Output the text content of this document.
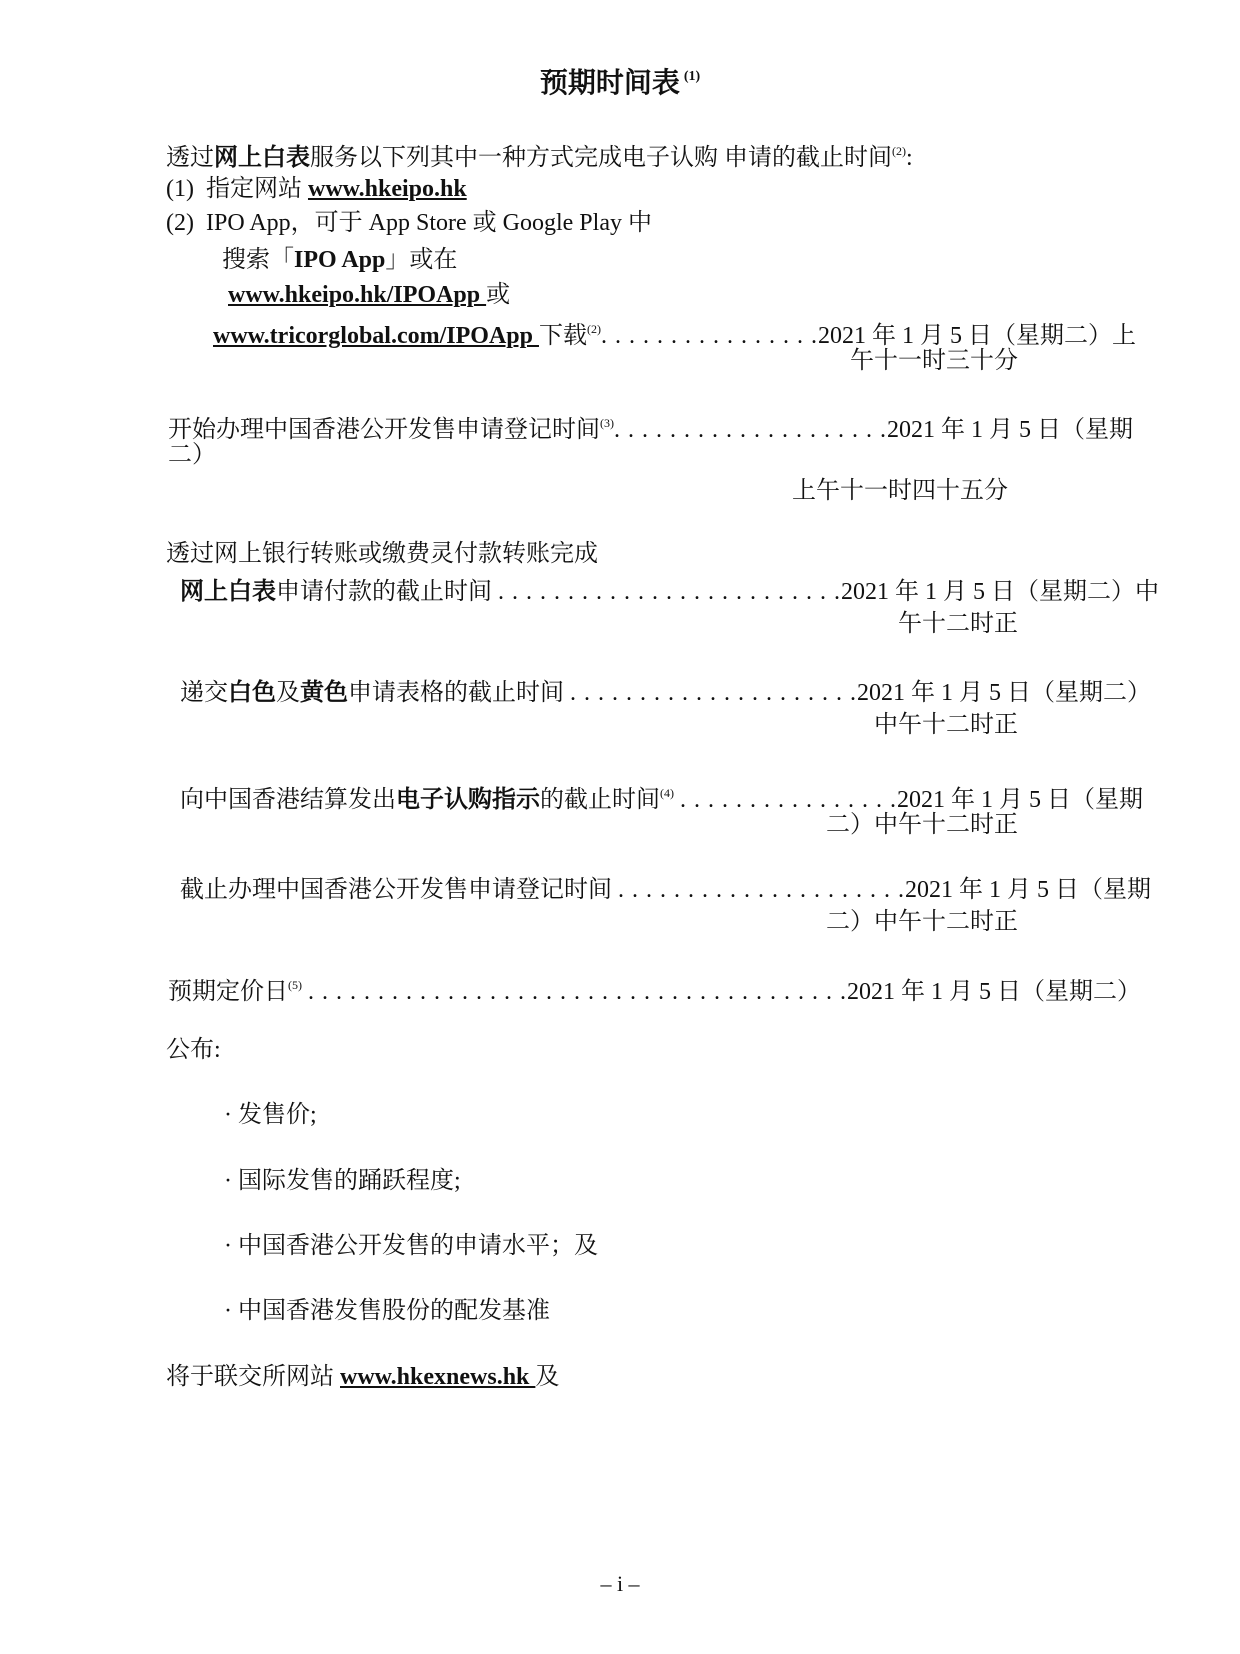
预期时间表 $^{(1)}$
透过网上白表服务以下列其中一种方式完成电子认购 申请的截止时间$^{(2)}$:
(1) 指定网站 www.hkeipo.hk
(2) IPO App，可于 App Store 或 Google Play 中
搜索「IPO App」或在
www.hkeipo.hk/IPOApp 或
www.tricorglobal.com/IPOApp 下载$^{(2)}$. . . . . . . . . . . . . . . .2021 年 1 月 5 日（星期二）上
午十一时三十分
开始办理中国香港公开发售申请登记时间$^{(3)}$. . . . . . . . . . . . . . . . . . . .2021 年 1 月 5 日（星期
二）
上午十一时四十五分
透过网上银行转账或缴费灵付款转账完成
网上白表申请付款的截止时间 . . . . . . . . . . . . . . . . . . . . . . . . .2021 年 1 月 5 日（星期二）中
午十二时正
递交白色及黄色申请表格的截止时间 . . . . . . . . . . . . . . . . . . . . .2021 年 1 月 5 日（星期二）
中午十二时正
向中国香港结算发出电子认购指示的截止时间$^{(4)}$ . . . . . . . . . . . . . . . .2021 年 1 月 5 日（星期
二）中午十二时正
截止办理中国香港公开发售申请登记时间 . . . . . . . . . . . . . . . . . . . . .2021 年 1 月 5 日（星期
二）中午十二时正
预期定价日$^{(5)}$ . . . . . . . . . . . . . . . . . . . . . . . . . . . . . . . . . . . . . . .2021 年 1 月 5 日（星期二）
公布:
· 发售价;
· 国际发售的踊跃程度;
· 中国香港公开发售的申请水平；及
· 中国香港发售股份的配发基准
将于联交所网站 www.hkexnews.hk 及
– i –
